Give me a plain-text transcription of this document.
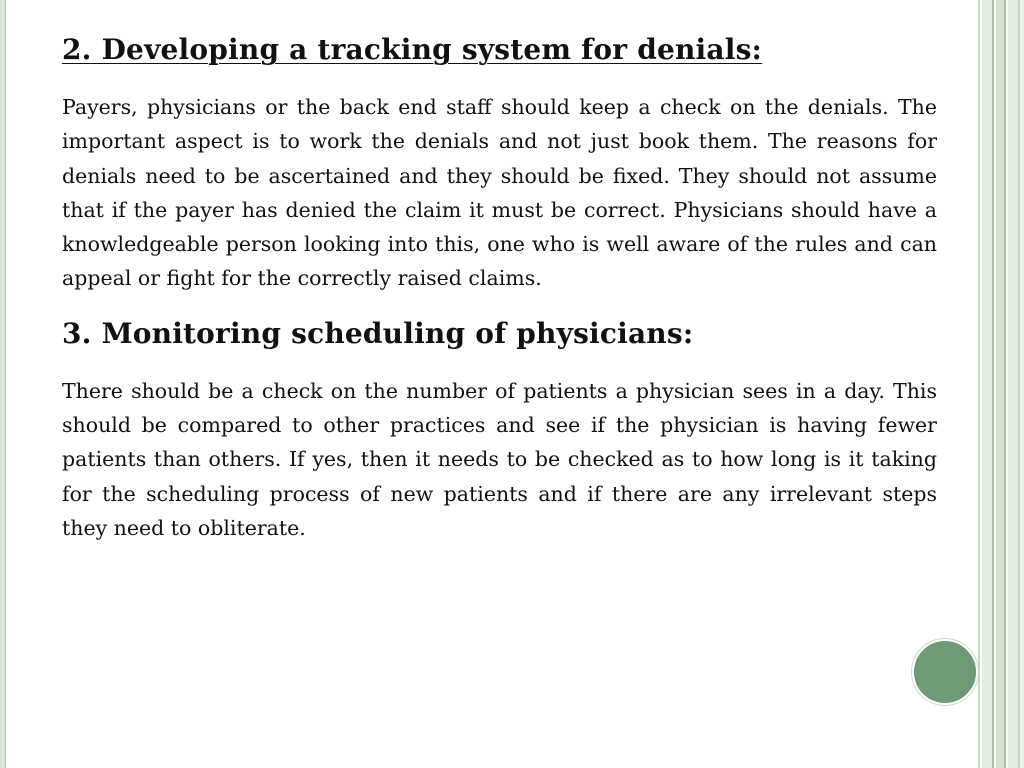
2. Developing a tracking system for denials:

Payers, physicians or the back end staff should keep a check on the denials. The important aspect is to work the denials and not just book them. The reasons for denials need to be ascertained and they should be fixed. They should not assume that if the payer has denied the claim it must be correct. Physicians should have a knowledgeable person looking into this, one who is well aware of the rules and can appeal or fight for the correctly raised claims.

3. Monitoring scheduling of physicians:

There should be a check on the number of patients a physician sees in a day. This should be compared to other practices and see if the physician is having fewer patients than others. If yes, then it needs to be checked as to how long is it taking for the scheduling process of new patients and if there are any irrelevant steps they need to obliterate.
